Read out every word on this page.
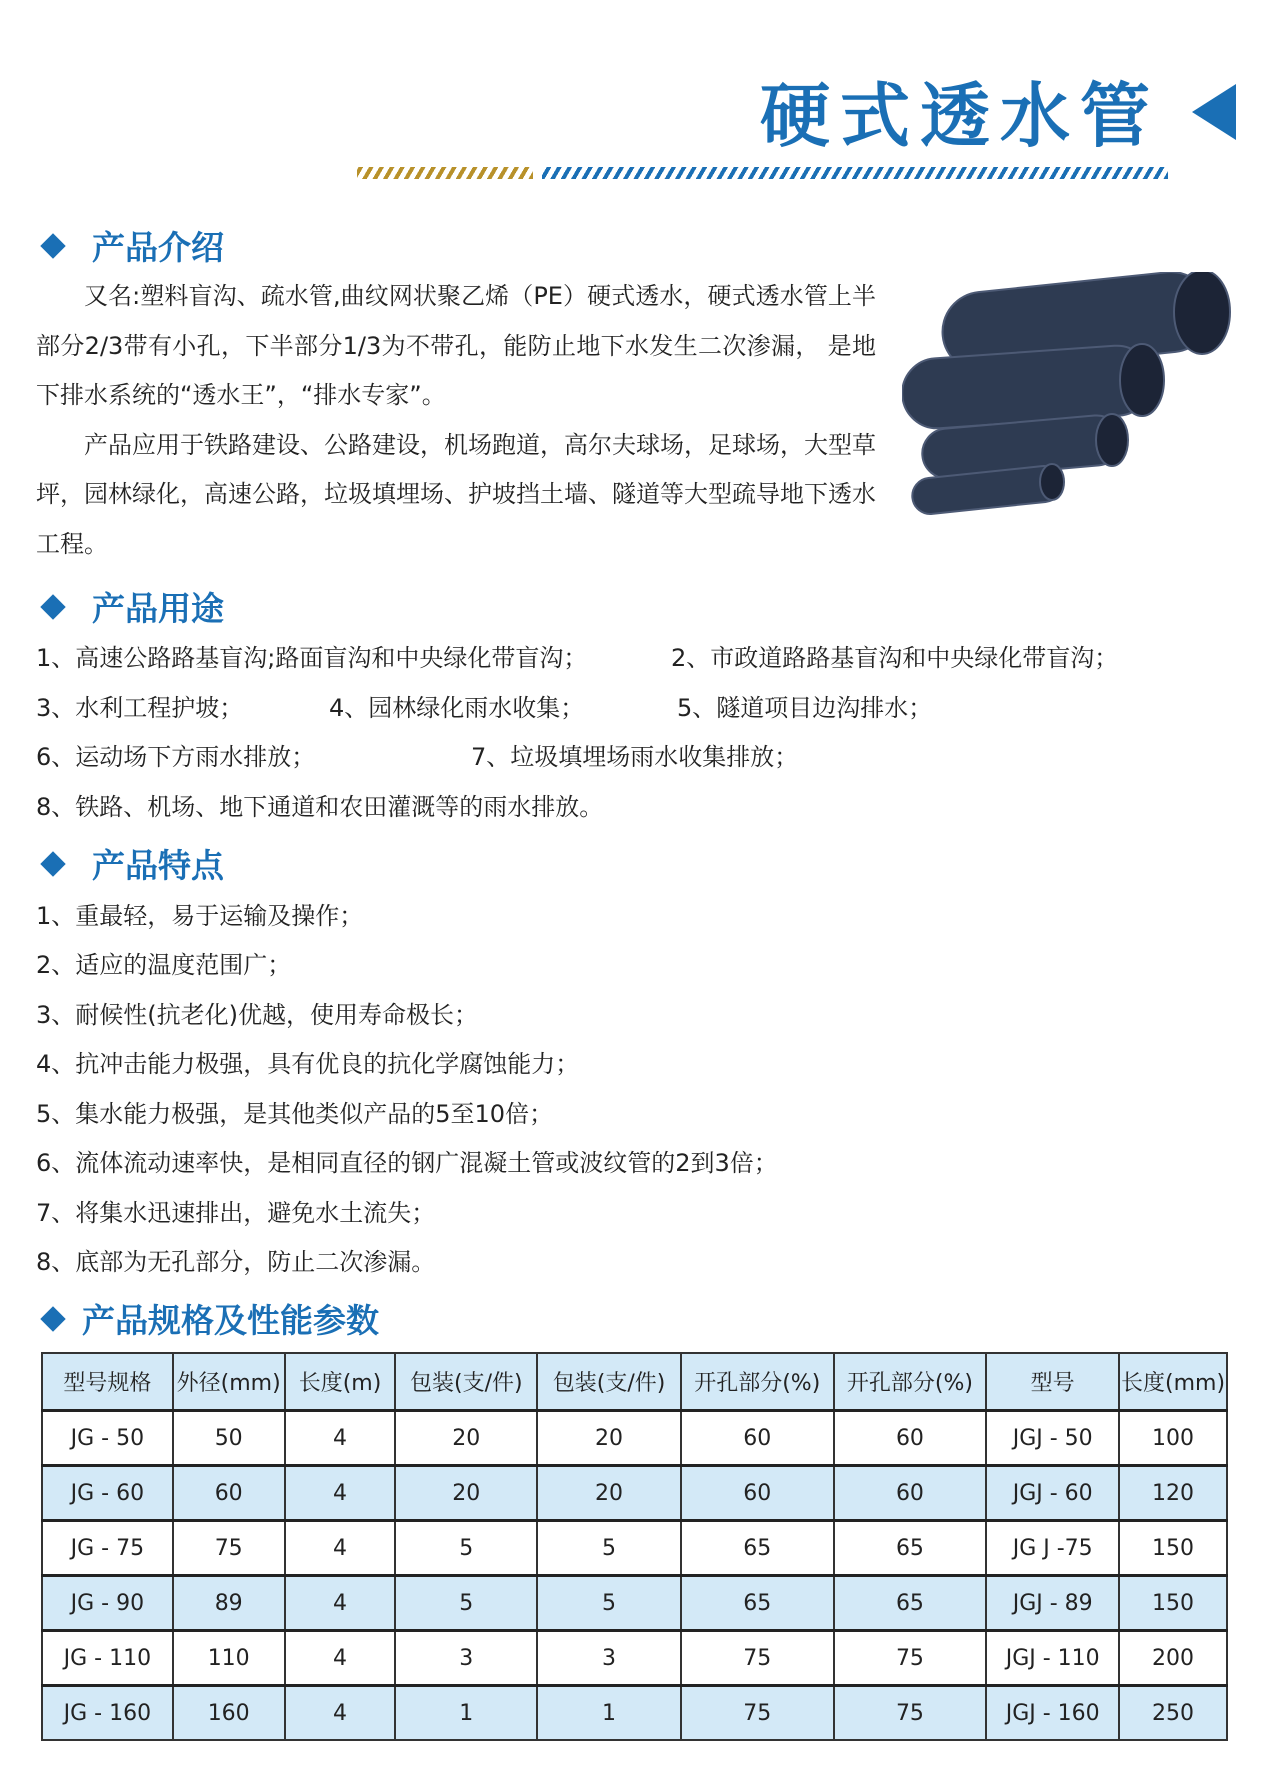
硬式透水管
产品介绍

又名:塑料盲沟、疏水管,曲纹网状聚乙烯（PE）硬式透水，硬式透水管上半部分2/3带有小孔，下半部分1/3为不带孔，能防止地下水发生二次渗漏， 是地下排水系统的“透水王”，“排水专家”。

产品应用于铁路建设、公路建设，机场跑道，高尔夫球场，足球场，大型草坪，园林绿化，高速公路，垃圾填埋场、护坡挡土墙、隧道等大型疏导地下透水工程。

产品用途
1、高速公路路基盲沟;路面盲沟和中央绿化带盲沟；	2、市政道路路基盲沟和中央绿化带盲沟；
3、水利工程护坡；	4、园林绿化雨水收集；	5、隧道项目边沟排水；
6、运动场下方雨水排放；	7、垃圾填埋场雨水收集排放；
8、铁路、机场、地下通道和农田灌溉等的雨水排放。
产品特点
1、重最轻，易于运输及操作；
2、适应的温度范围广；
3、耐候性(抗老化)优越，使用寿命极长；
4、抗冲击能力极强，具有优良的抗化学腐蚀能力；
5、集水能力极强，是其他类似产品的5至10倍；
6、流体流动速率快，是相同直径的钢广混凝土管或波纹管的2到3倍；
7、将集水迅速排出，避免水土流失；
8、底部为无孔部分，防止二次渗漏。
产品规格及性能参数
型号规格	外径(mm)	长度(m)	包装(支/件)	包装(支/件)	开孔部分(%)	开孔部分(%)	型号	长度(mm)
JG - 50	50	4	20	20	60	60	JGJ - 50	100
JG - 60	60	4	20	20	60	60	JGJ - 60	120
JG - 75	75	4	5	5	65	65	JG J -75	150
JG - 90	89	4	5	5	65	65	JGJ - 89	150
JG - 110	110	4	3	3	75	75	JGJ - 110	200
JG - 160	160	4	1	1	75	75	JGJ - 160	250
